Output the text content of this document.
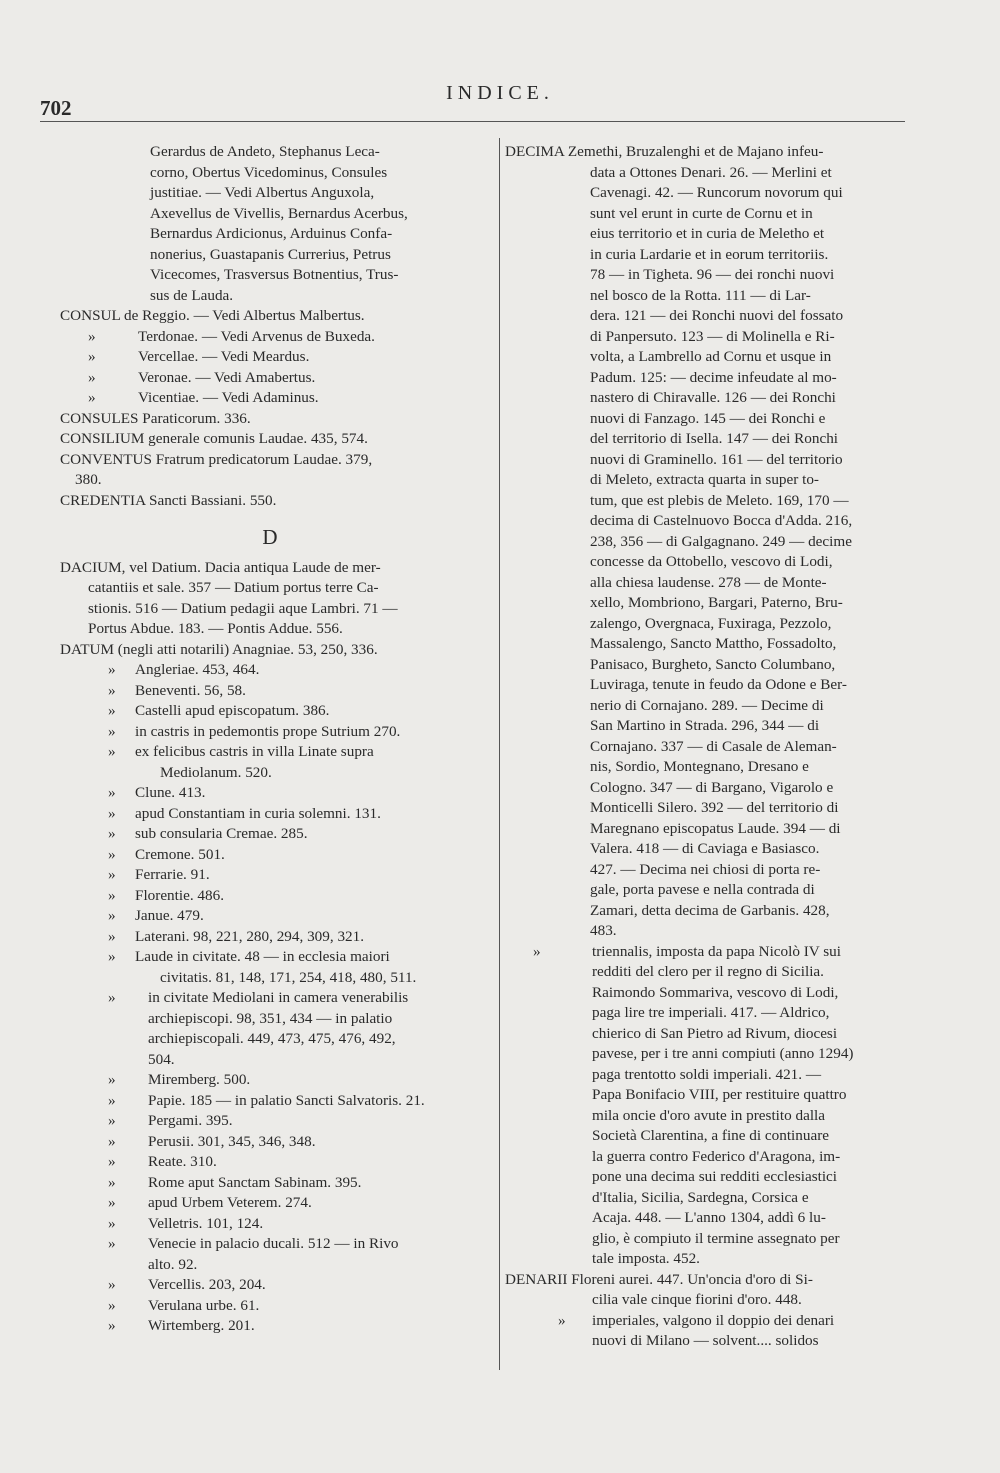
702
INDICE.
Gerardus de Andeto, Stephanus Leca-
corno, Obertus Vicedominus, Consules
justitiae. — Vedi Albertus Anguxola,
Axevellus de Vivellis, Bernardus Acerbus,
Bernardus Ardicionus, Arduinus Confa-
nonerius, Guastapanis Currerius, Petrus
Vicecomes, Trasversus Botnentius, Trus-
sus de Lauda.
CONSUL de Reggio. — Vedi Albertus Malbertus.
»	Terdonae. — Vedi Arvenus de Buxeda.
»	Vercellae. — Vedi Meardus.
»	Veronae. — Vedi Amabertus.
»	Vicentiae. — Vedi Adaminus.
CONSULES Paraticorum. 336.
CONSILIUM generale comunis Laudae. 435, 574.
CONVENTUS Fratrum predicatorum Laudae. 379,
380.
CREDENTIA Sancti Bassiani. 550.
D
DACIUM, vel Datium. Dacia antiqua Laude de mer-
catantiis et sale. 357 — Datium portus terre Ca-
stionis. 516 — Datium pedagii aque Lambri. 71 —
Portus Abdue. 183. — Pontis Addue. 556.
DATUM (negli atti notarili) Anagniae. 53, 250, 336.
»	Angleriae. 453, 464.
»	Beneventi. 56, 58.
»	Castelli apud episcopatum. 386.
»	in castris in pedemontis prope Sutrium 270.
»	ex felicibus castris in villa Linate supra
Mediolanum. 520.
»	Clune. 413.
»	apud Constantiam in curia solemni. 131.
»	sub consularia Cremae. 285.
»	Cremone. 501.
»	Ferrarie. 91.
»	Florentie. 486.
»	Janue. 479.
»	Laterani. 98, 221, 280, 294, 309, 321.
»	Laude in civitate. 48 — in ecclesia maiori
civitatis. 81, 148, 171, 254, 418, 480, 511.
»	in civitate Mediolani in camera venerabilis
archiepiscopi. 98, 351, 434 — in palatio
archiepiscopali. 449, 473, 475, 476, 492,
504.
»	Miremberg. 500.
»	Papie. 185 — in palatio Sancti Salvatoris. 21.
»	Pergami. 395.
»	Perusii. 301, 345, 346, 348.
»	Reate. 310.
»	Rome aput Sanctam Sabinam. 395.
»	apud Urbem Veterem. 274.
»	Velletris. 101, 124.
»	Venecie in palacio ducali. 512 — in Rivo
alto. 92.
»	Vercellis. 203, 204.
»	Verulana urbe. 61.
»	Wirtemberg. 201.
DECIMA Zemethi, Bruzalenghi et de Majano infeu-
data a Ottones Denari. 26. — Merlini et
Cavenagi. 42. — Runcorum novorum qui
sunt vel erunt in curte de Cornu et in
eius territorio et in curia de Meletho et
in curia Lardarie et in eorum territoriis.
78 — in Tigheta. 96 — dei ronchi nuovi
nel bosco de la Rotta. 111 — di Lar-
dera. 121 — dei Ronchi nuovi del fossato
di Panpersuto. 123 — di Molinella e Ri-
volta, a Lambrello ad Cornu et usque in
Padum. 125: — decime infeudate al mo-
nastero di Chiravalle. 126 — dei Ronchi
nuovi di Fanzago. 145 — dei Ronchi e
del territorio di Isella. 147 — dei Ronchi
nuovi di Graminello. 161 — del territorio
di Meleto, extracta quarta in super to-
tum, que est plebis de Meleto. 169, 170 —
decima di Castelnuovo Bocca d'Adda. 216,
238, 356 — di Galgagnano. 249 — decime
concesse da Ottobello, vescovo di Lodi,
alla chiesa laudense. 278 — de Monte-
xello, Mombriono, Bargari, Paterno, Bru-
zalengo, Overgnaca, Fuxiraga, Pezzolo,
Massalengo, Sancto Mattho, Fossadolto,
Panisaco, Burgheto, Sancto Columbano,
Luviraga, tenute in feudo da Odone e Ber-
nerio di Cornajano. 289. — Decime di
San Martino in Strada. 296, 344 — di
Cornajano. 337 — di Casale de Aleman-
nis, Sordio, Montegnano, Dresano e
Cologno. 347 — di Bargano, Vigarolo e
Monticelli Silero. 392 — del territorio di
Maregnano episcopatus Laude. 394 — di
Valera. 418 — di Caviaga e Basiasco.
427. — Decima nei chiosi di porta re-
gale, porta pavese e nella contrada di
Zamari, detta decima de Garbanis. 428,
483.
»	triennalis, imposta da papa Nicolò IV sui
redditi del clero per il regno di Sicilia.
Raimondo Sommariva, vescovo di Lodi,
paga lire tre imperiali. 417. — Aldrico,
chierico di San Pietro ad Rivum, diocesi
pavese, per i tre anni compiuti (anno 1294)
paga trentotto soldi imperiali. 421. —
Papa Bonifacio VIII, per restituire quattro
mila oncie d'oro avute in prestito dalla
Società Clarentina, a fine di continuare
la guerra contro Federico d'Aragona, im-
pone una decima sui redditi ecclesiastici
d'Italia, Sicilia, Sardegna, Corsica e
Acaja. 448. — L'anno 1304, addì 6 lu-
glio, è compiuto il termine assegnato per
tale imposta. 452.
DENARII Floreni aurei. 447. Un'oncia d'oro di Si-
cilia vale cinque fiorini d'oro. 448.
»	imperiales, valgono il doppio dei denari
nuovi di Milano — solvent.... solidos
